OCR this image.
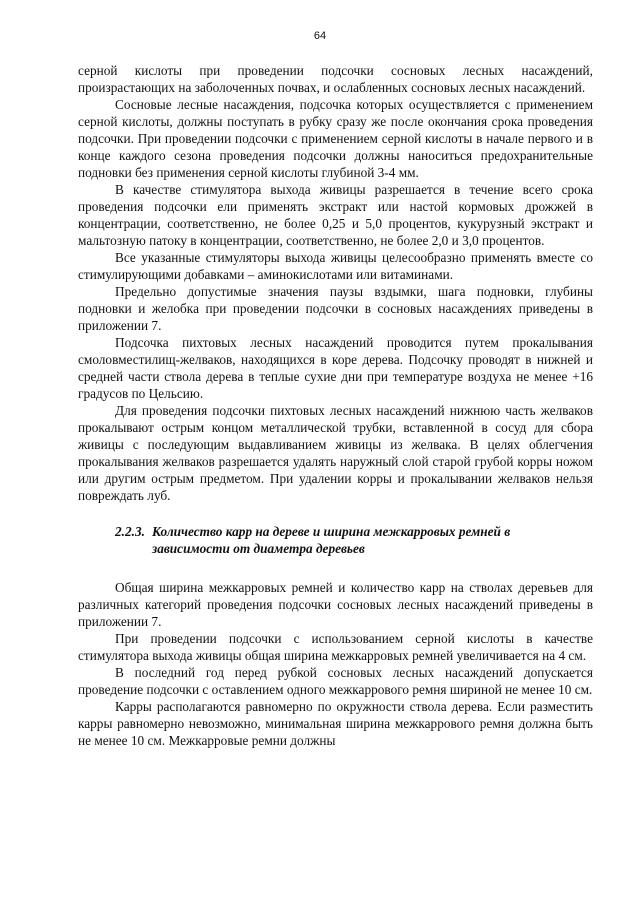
64

серной кислоты при проведении подсочки сосновых лесных насаждений, произрастающих на заболоченных почвах, и ослабленных сосновых лесных насаждений.

Сосновые лесные насаждения, подсочка которых осуществляется с применением серной кислоты, должны поступать в рубку сразу же после окончания срока проведения подсочки. При проведении подсочки с применением серной кислоты в начале первого и в конце каждого сезона проведения подсочки должны наноситься предохранительные подновки без применения серной кислоты глубиной 3-4 мм.

В качестве стимулятора выхода живицы разрешается в течение всего срока проведения подсочки ели применять экстракт или настой кормовых дрожжей в концентрации, соответственно, не более 0,25 и 5,0 процентов, кукурузный экстракт и мальтозную патоку в концентрации, соответственно, не более 2,0 и 3,0 процентов.

Все указанные стимуляторы выхода живицы целесообразно применять вместе со стимулирующими добавками – аминокислотами или витаминами.

Предельно допустимые значения паузы вздымки, шага подновки, глубины подновки и желобка при проведении подсочки в сосновых насаждениях приведены в приложении 7.

Подсочка пихтовых лесных насаждений проводится путем прокалывания смоловместилищ-желваков, находящихся в коре дерева. Подсочку проводят в нижней и средней части ствола дерева в теплые сухие дни при температуре воздуха не менее +16 градусов по Цельсию.

Для проведения подсочки пихтовых лесных насаждений нижнюю часть желваков прокалывают острым концом металлической трубки, вставленной в сосуд для сбора живицы с последующим выдавливанием живицы из желвака. В целях облегчения прокалывания желваков разрешается удалять наружный слой старой грубой корры ножом или другим острым предметом. При удалении корры и прокалывании желваков нельзя повреждать луб.

2.2.3. Количество карр на дереве и ширина межкарровых ремней в
зависимости от диаметра деревьев

Общая ширина межкарровых ремней и количество карр на стволах деревьев для различных категорий проведения подсочки сосновых лесных насаждений приведены в приложении 7.

При проведении подсочки с использованием серной кислоты в качестве стимулятора выхода живицы общая ширина межкарровых ремней увеличивается на 4 см.

В последний год перед рубкой сосновых лесных насаждений допускается проведение подсочки с оставлением одного межкаррового ремня шириной не менее 10 см.

Карры располагаются равномерно по окружности ствола дерева. Если разместить карры равномерно невозможно, минимальная ширина межкаррового ремня должна быть не менее 10 см. Межкарровые ремни должны
